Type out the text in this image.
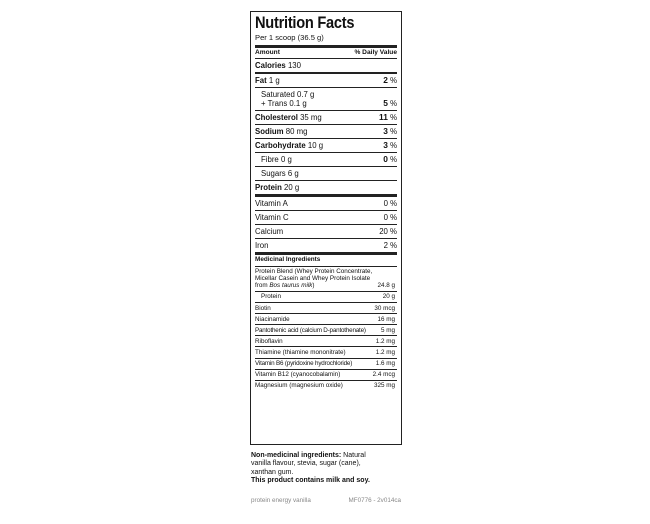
Nutrition Facts
Per 1 scoop (36.5 g)
Amount	% Daily Value
Calories 130
Fat 1 g	2 %
Saturated 0.7 g
+ Trans 0.1 g	5 %
Cholesterol 35 mg	11 %
Sodium 80 mg	3 %
Carbohydrate 10 g	3 %
Fibre 0 g	0 %
Sugars 6 g
Protein 20 g
Vitamin A	0 %
Vitamin C	0 %
Calcium	20 %
Iron	2 %
Medicinal Ingredients
Protein Blend (Whey Protein Concentrate,
Micellar Casein and Whey Protein Isolate
from Bos taurus milk)	24.8 g
Protein	20 g
Biotin	30 mcg
Niacinamide	16 mg
Pantothenic acid (calcium D-pantothenate) 5 mg
Riboflavin	1.2 mg
Thiamine (thiamine mononitrate)	1.2 mg
Vitamin B6 (pyridoxine hydrochloride)	1.6 mg
Vitamin B12 (cyanocobalamin)	2.4 mcg
Magnesium (magnesium oxide)	325 mg
Non-medicinal ingredients: Natural
vanilla flavour, stevia, sugar (cane),
xanthan gum.
This product contains milk and soy.
protein energy vanilla	MF0776 - 2v014ca
